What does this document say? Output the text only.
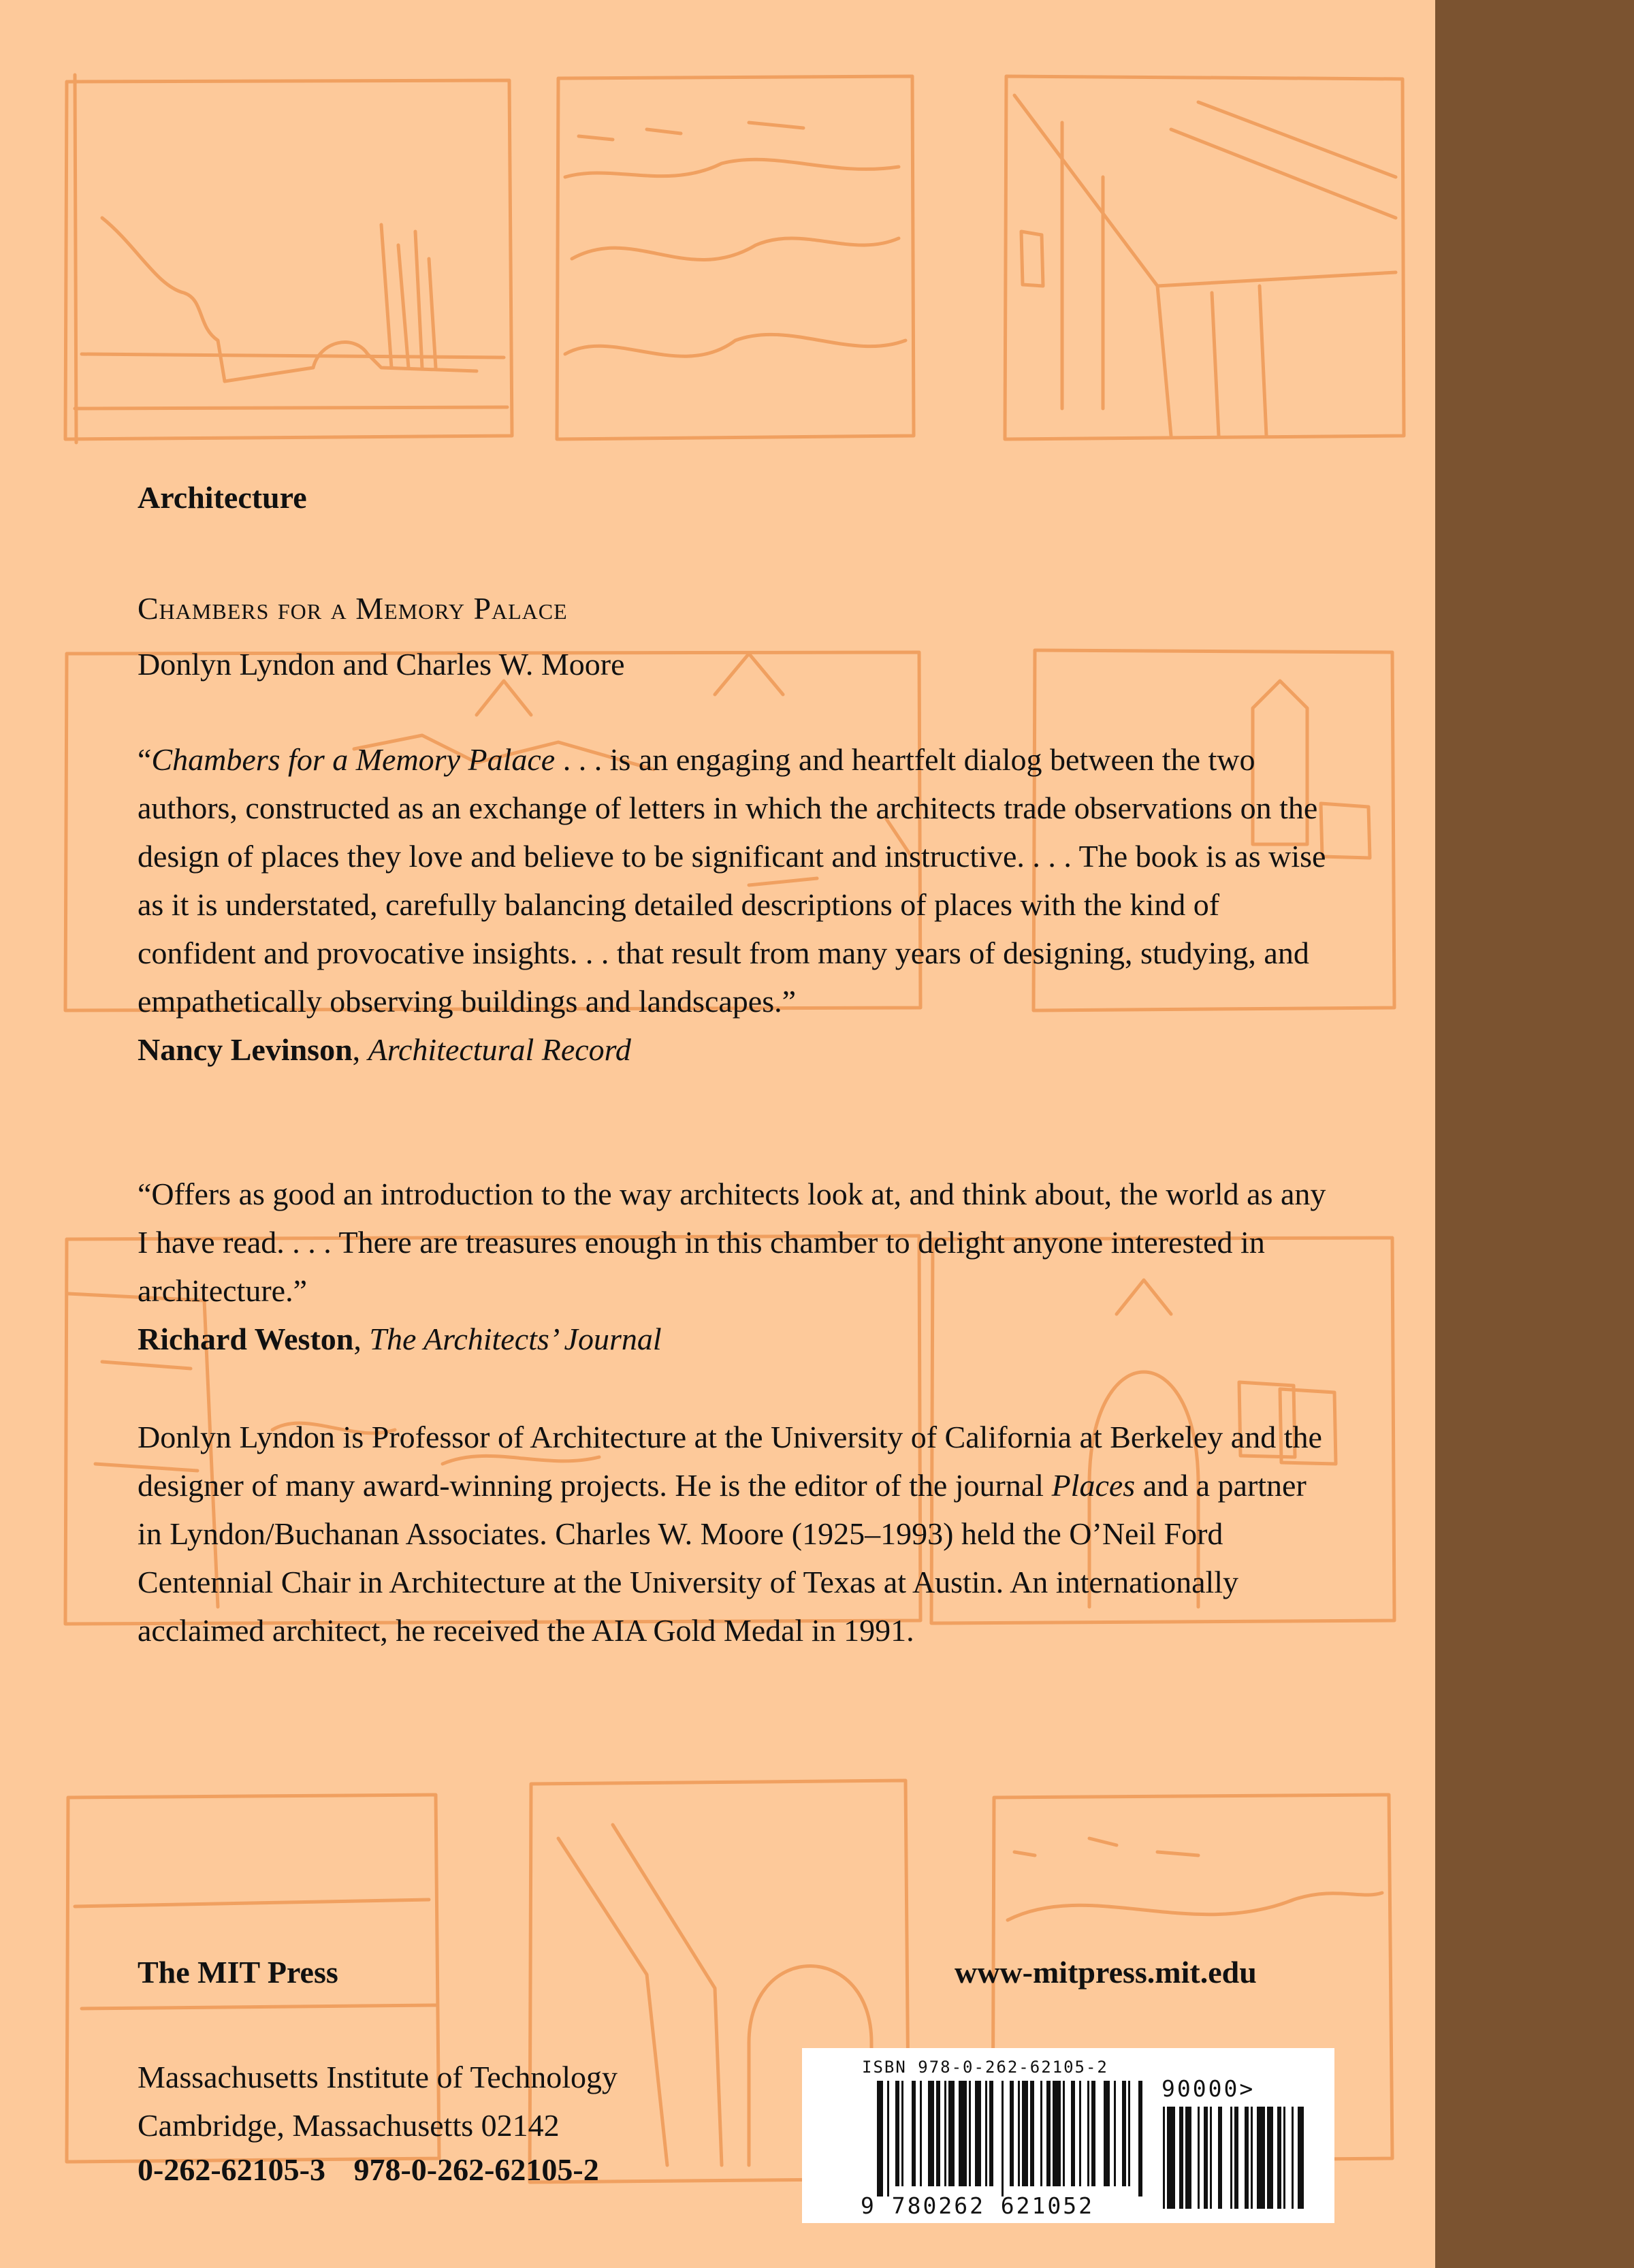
Architecture
Chambers for a Memory Palace
Donlyn Lyndon and Charles W. Moore

“Chambers for a Memory Palace . . . is an engaging and heartfelt dialog between the two authors, constructed as an exchange of letters in which the architects trade observations on the design of places they love and believe to be significant and instructive. . . . The book is as wise as it is understated, carefully balancing detailed descriptions of places with the kind of confident and provocative insights. . . that result from many years of designing, studying, and empathetically observing buildings and landscapes.”

Nancy Levinson, Architectural Record

“Offers as good an introduction to the way architects look at, and think about, the world as any I have read. . . . There are treasures enough in this chamber to delight anyone interested in architecture.”

Richard Weston, The Architects’ Journal

Donlyn Lyndon is Professor of Architecture at the University of California at Berkeley and the designer of many award-winning projects. He is the editor of the journal Places and a partner in Lyndon/Buchanan Associates. Charles W. Moore (1925–1993) held the O’Neil Ford Centennial Chair in Architecture at the University of Texas at Austin. An internationally acclaimed architect, he received the AIA Gold Medal in 1991.
The MIT Press	www-mitpress.mit.edu
Massachusetts Institute of Technology
Cambridge, Massachusetts 02142
0-262-62105-3 978-0-262-62105-2
ISBN 978-0-262-62105-2
90000>
9 780262 621052
